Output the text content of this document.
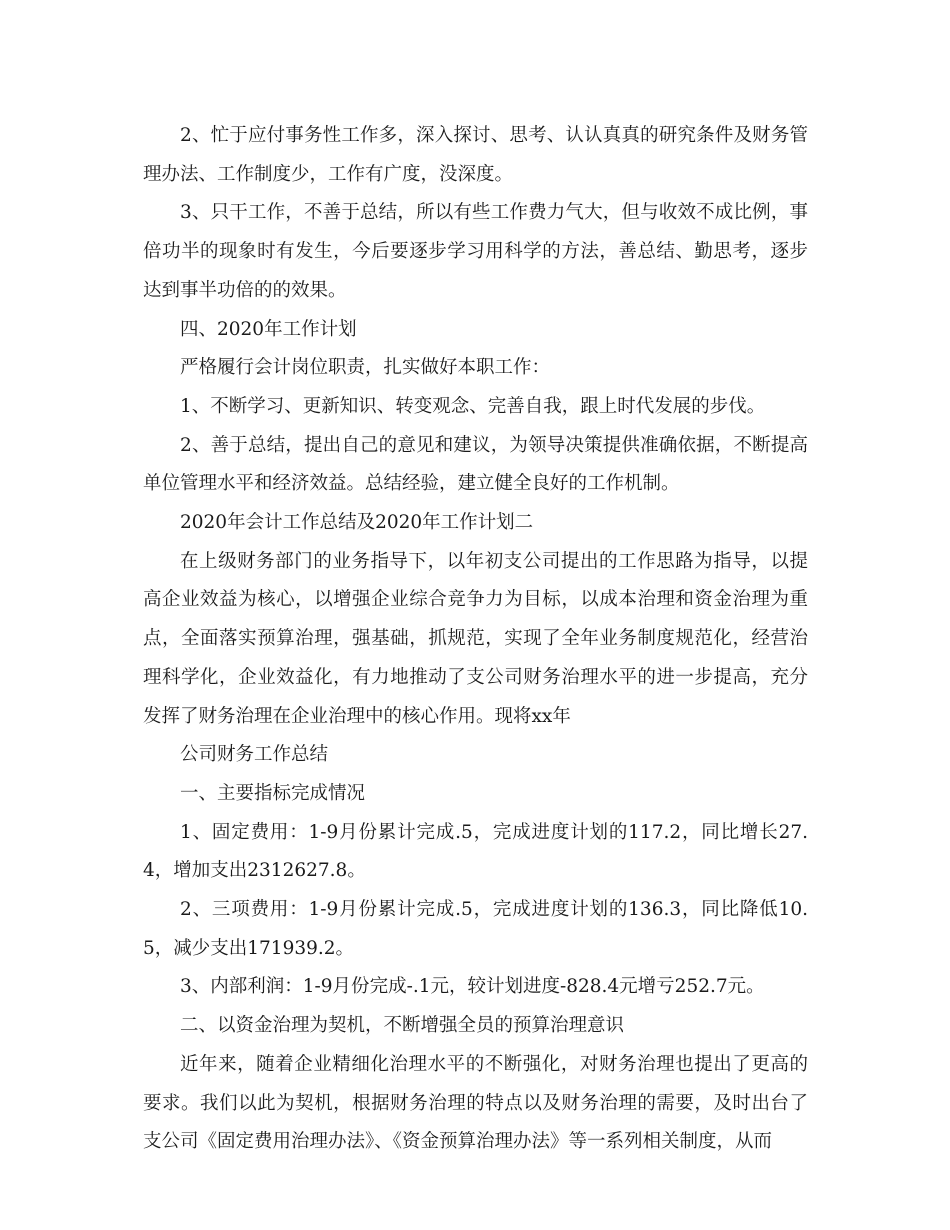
2、忙于应付事务性工作多，深入探讨、思考、认认真真的研究条件及财务管理办法、工作制度少，工作有广度，没深度。

3、只干工作，不善于总结，所以有些工作费力气大，但与收效不成比例，事倍功半的现象时有发生，今后要逐步学习用科学的方法，善总结、勤思考，逐步达到事半功倍的的效果。

四、2020年工作计划

严格履行会计岗位职责，扎实做好本职工作：

1、不断学习、更新知识、转变观念、完善自我，跟上时代发展的步伐。

2、善于总结，提出自己的意见和建议，为领导决策提供准确依据，不断提高单位管理水平和经济效益。总结经验，建立健全良好的工作机制。

2020年会计工作总结及2020年工作计划二

在上级财务部门的业务指导下，以年初支公司提出的工作思路为指导，以提高企业效益为核心，以增强企业综合竞争力为目标，以成本治理和资金治理为重点，全面落实预算治理，强基础，抓规范，实现了全年业务制度规范化，经营治理科学化，企业效益化，有力地推动了支公司财务治理水平的进一步提高，充分发挥了财务治理在企业治理中的核心作用。现将xx年

公司财务工作总结

一、主要指标完成情况

1、固定费用：1-9月份累计完成.5，完成进度计划的117.2，同比增长27.4，增加支出2312627.8。

2、三项费用：1-9月份累计完成.5，完成进度计划的136.3，同比降低10.5，减少支出171939.2。

3、内部利润：1-9月份完成-.1元，较计划进度-828.4元增亏252.7元。

二、以资金治理为契机，不断增强全员的预算治理意识

近年来，随着企业精细化治理水平的不断强化，对财务治理也提出了更高的要求。我们以此为契机，根据财务治理的特点以及财务治理的需要，及时出台了支公司《固定费用治理办法》、《资金预算治理办法》等一系列相关制度，从而
